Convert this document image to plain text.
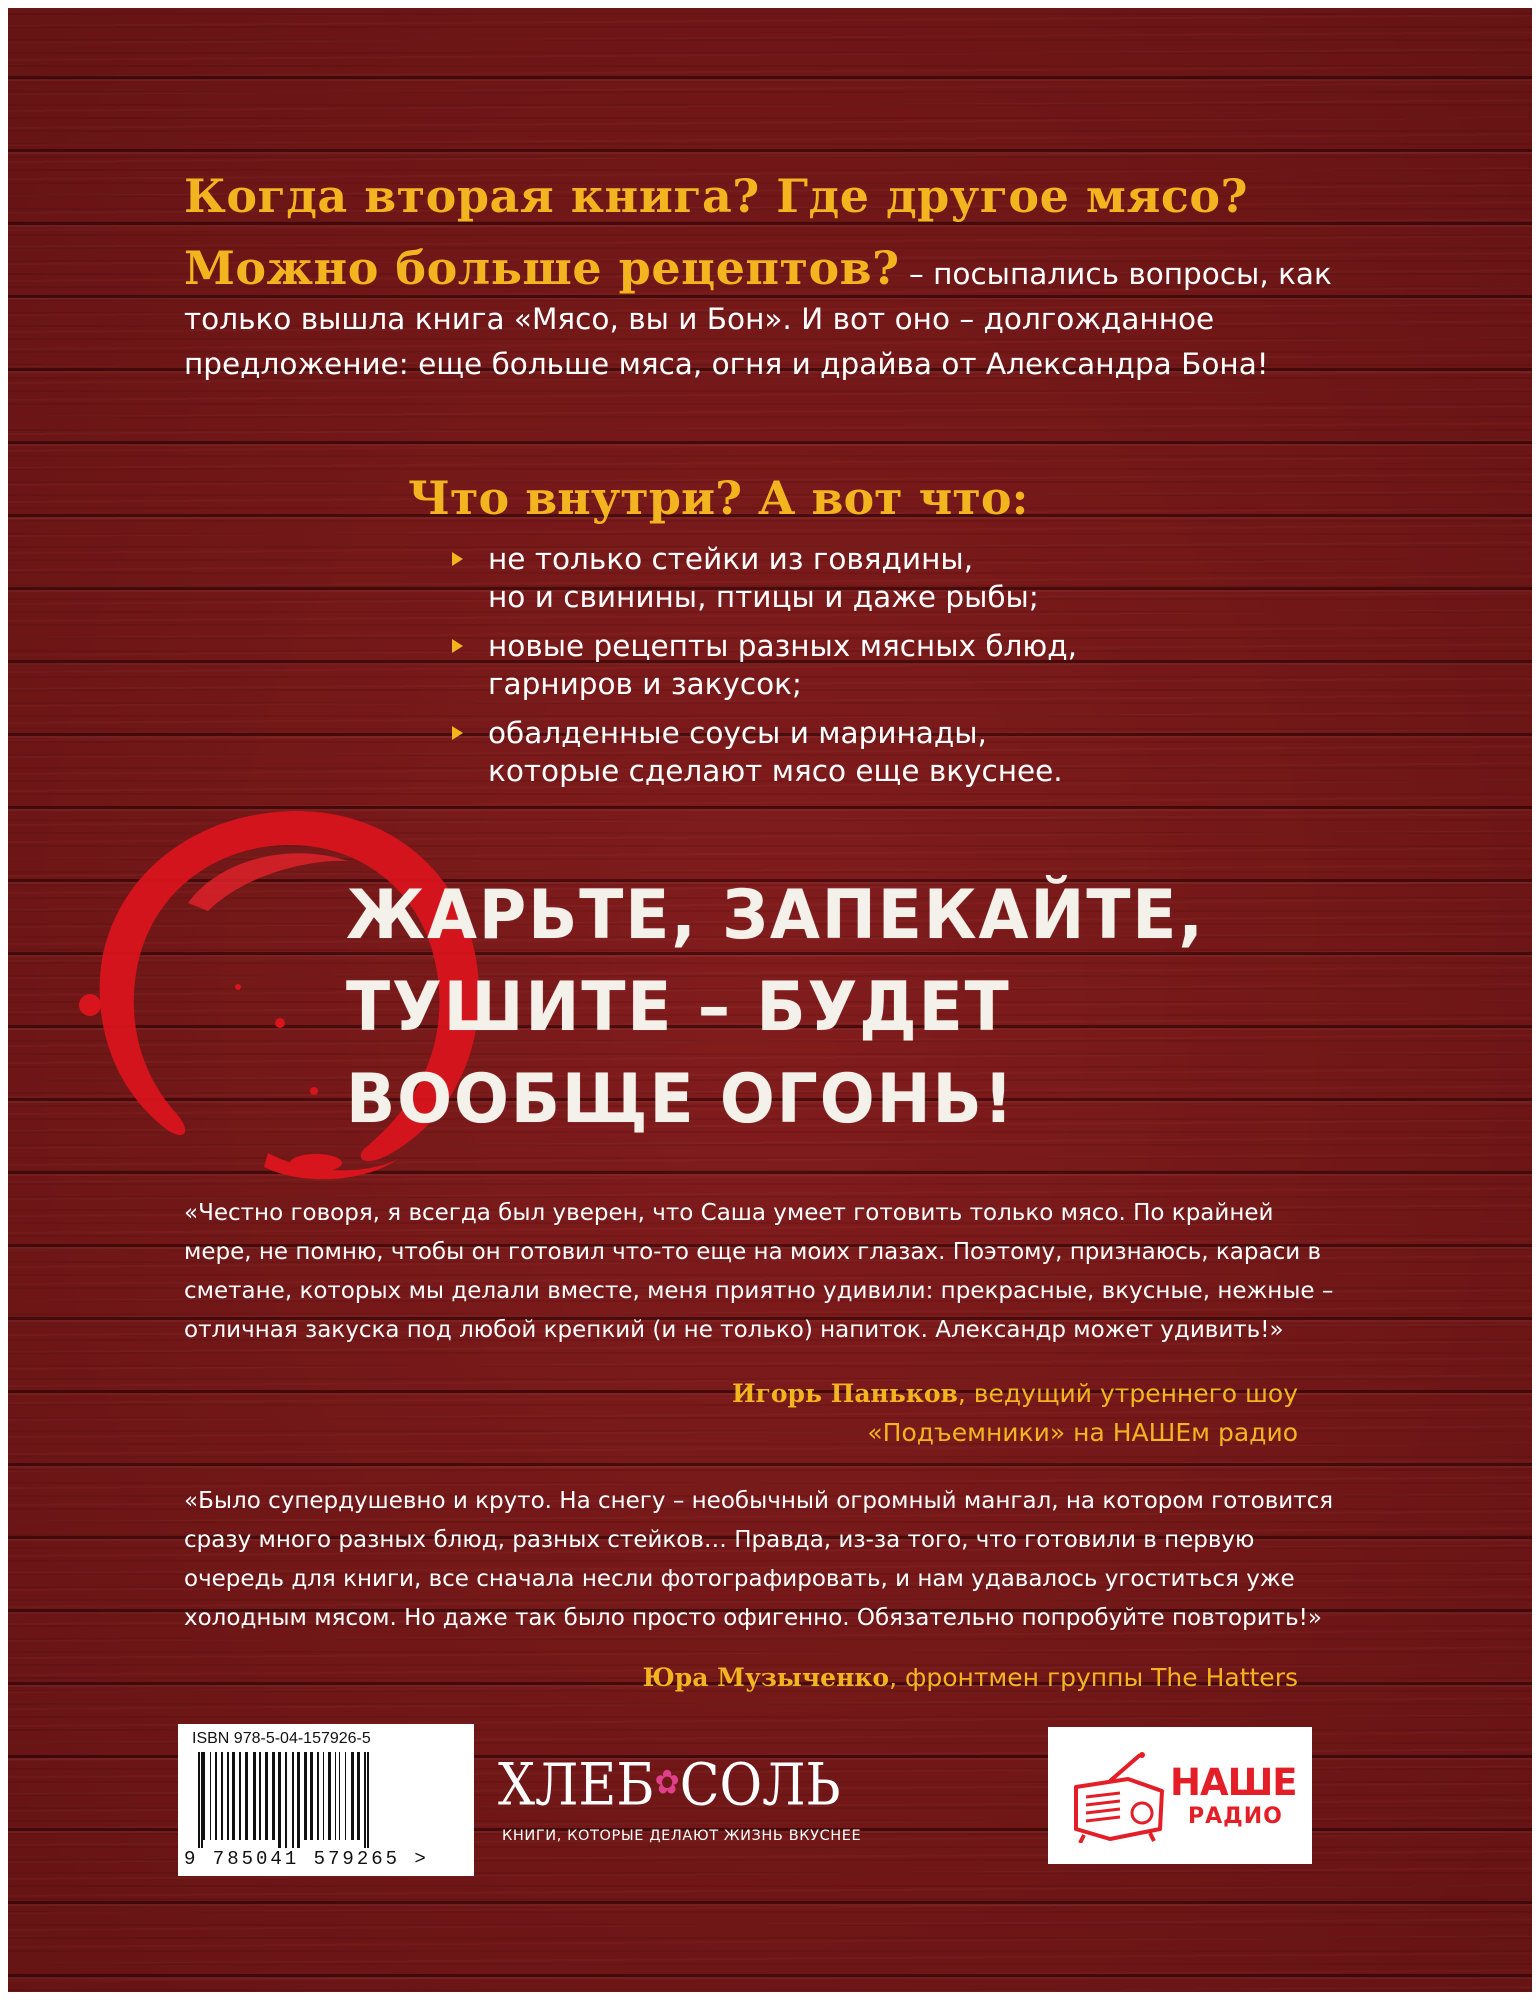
Когда вторая книга? Где другое мясо?

Можно больше рецептов? – посыпались вопросы, как только вышла книга «Мясо, вы и Бон». И вот оно – долгожданное предложение: еще больше мяса, огня и драйва от Александра Бона!

Что внутри? А вот что:
не только стейки из говядины,
но и свинины, птицы и даже рыбы;
новые рецепты разных мясных блюд,
гарниров и закусок;
обалденные соусы и маринады,
которые сделают мясо еще вкуснее.
ЖАРЬТЕ, ЗАПЕКАЙТЕ,
ТУШИТЕ – БУДЕТ
ВООБЩЕ ОГОНЬ!

«Честно говоря, я всегда был уверен, что Саша умеет готовить только мясо. По крайней мере, не помню, чтобы он готовил что-то еще на моих глазах. Поэтому, признаюсь, караси в сметане, которых мы делали вместе, меня приятно удивили: прекрасные, вкусные, нежные – отличная закуска под любой крепкий (и не только) напиток. Александр может удивить!»

Игорь Паньков, ведущий утреннего шоу
«Подъемники» на НАШЕм радио

«Было супердушевно и круто. На снегу – необычный огромный мангал, на котором готовится сразу много разных блюд, разных стейков… Правда, из-за того, что готовили в первую очередь для книги, все сначала несли фотографировать, и нам удавалось угоститься уже холодным мясом. Но даже так было просто офигенно. Обязательно попробуйте повторить!»

Юра Музыченко, фронтмен группы The Hatters

ISBN 978-5-04-157926-5

9 785041 579265 >

ХЛЕБ✿СОЛЬ

КНИГИ, КОТОРЫЕ ДЕЛАЮТ ЖИЗНЬ ВКУСНЕЕ

НАШЕ

РАДИО
